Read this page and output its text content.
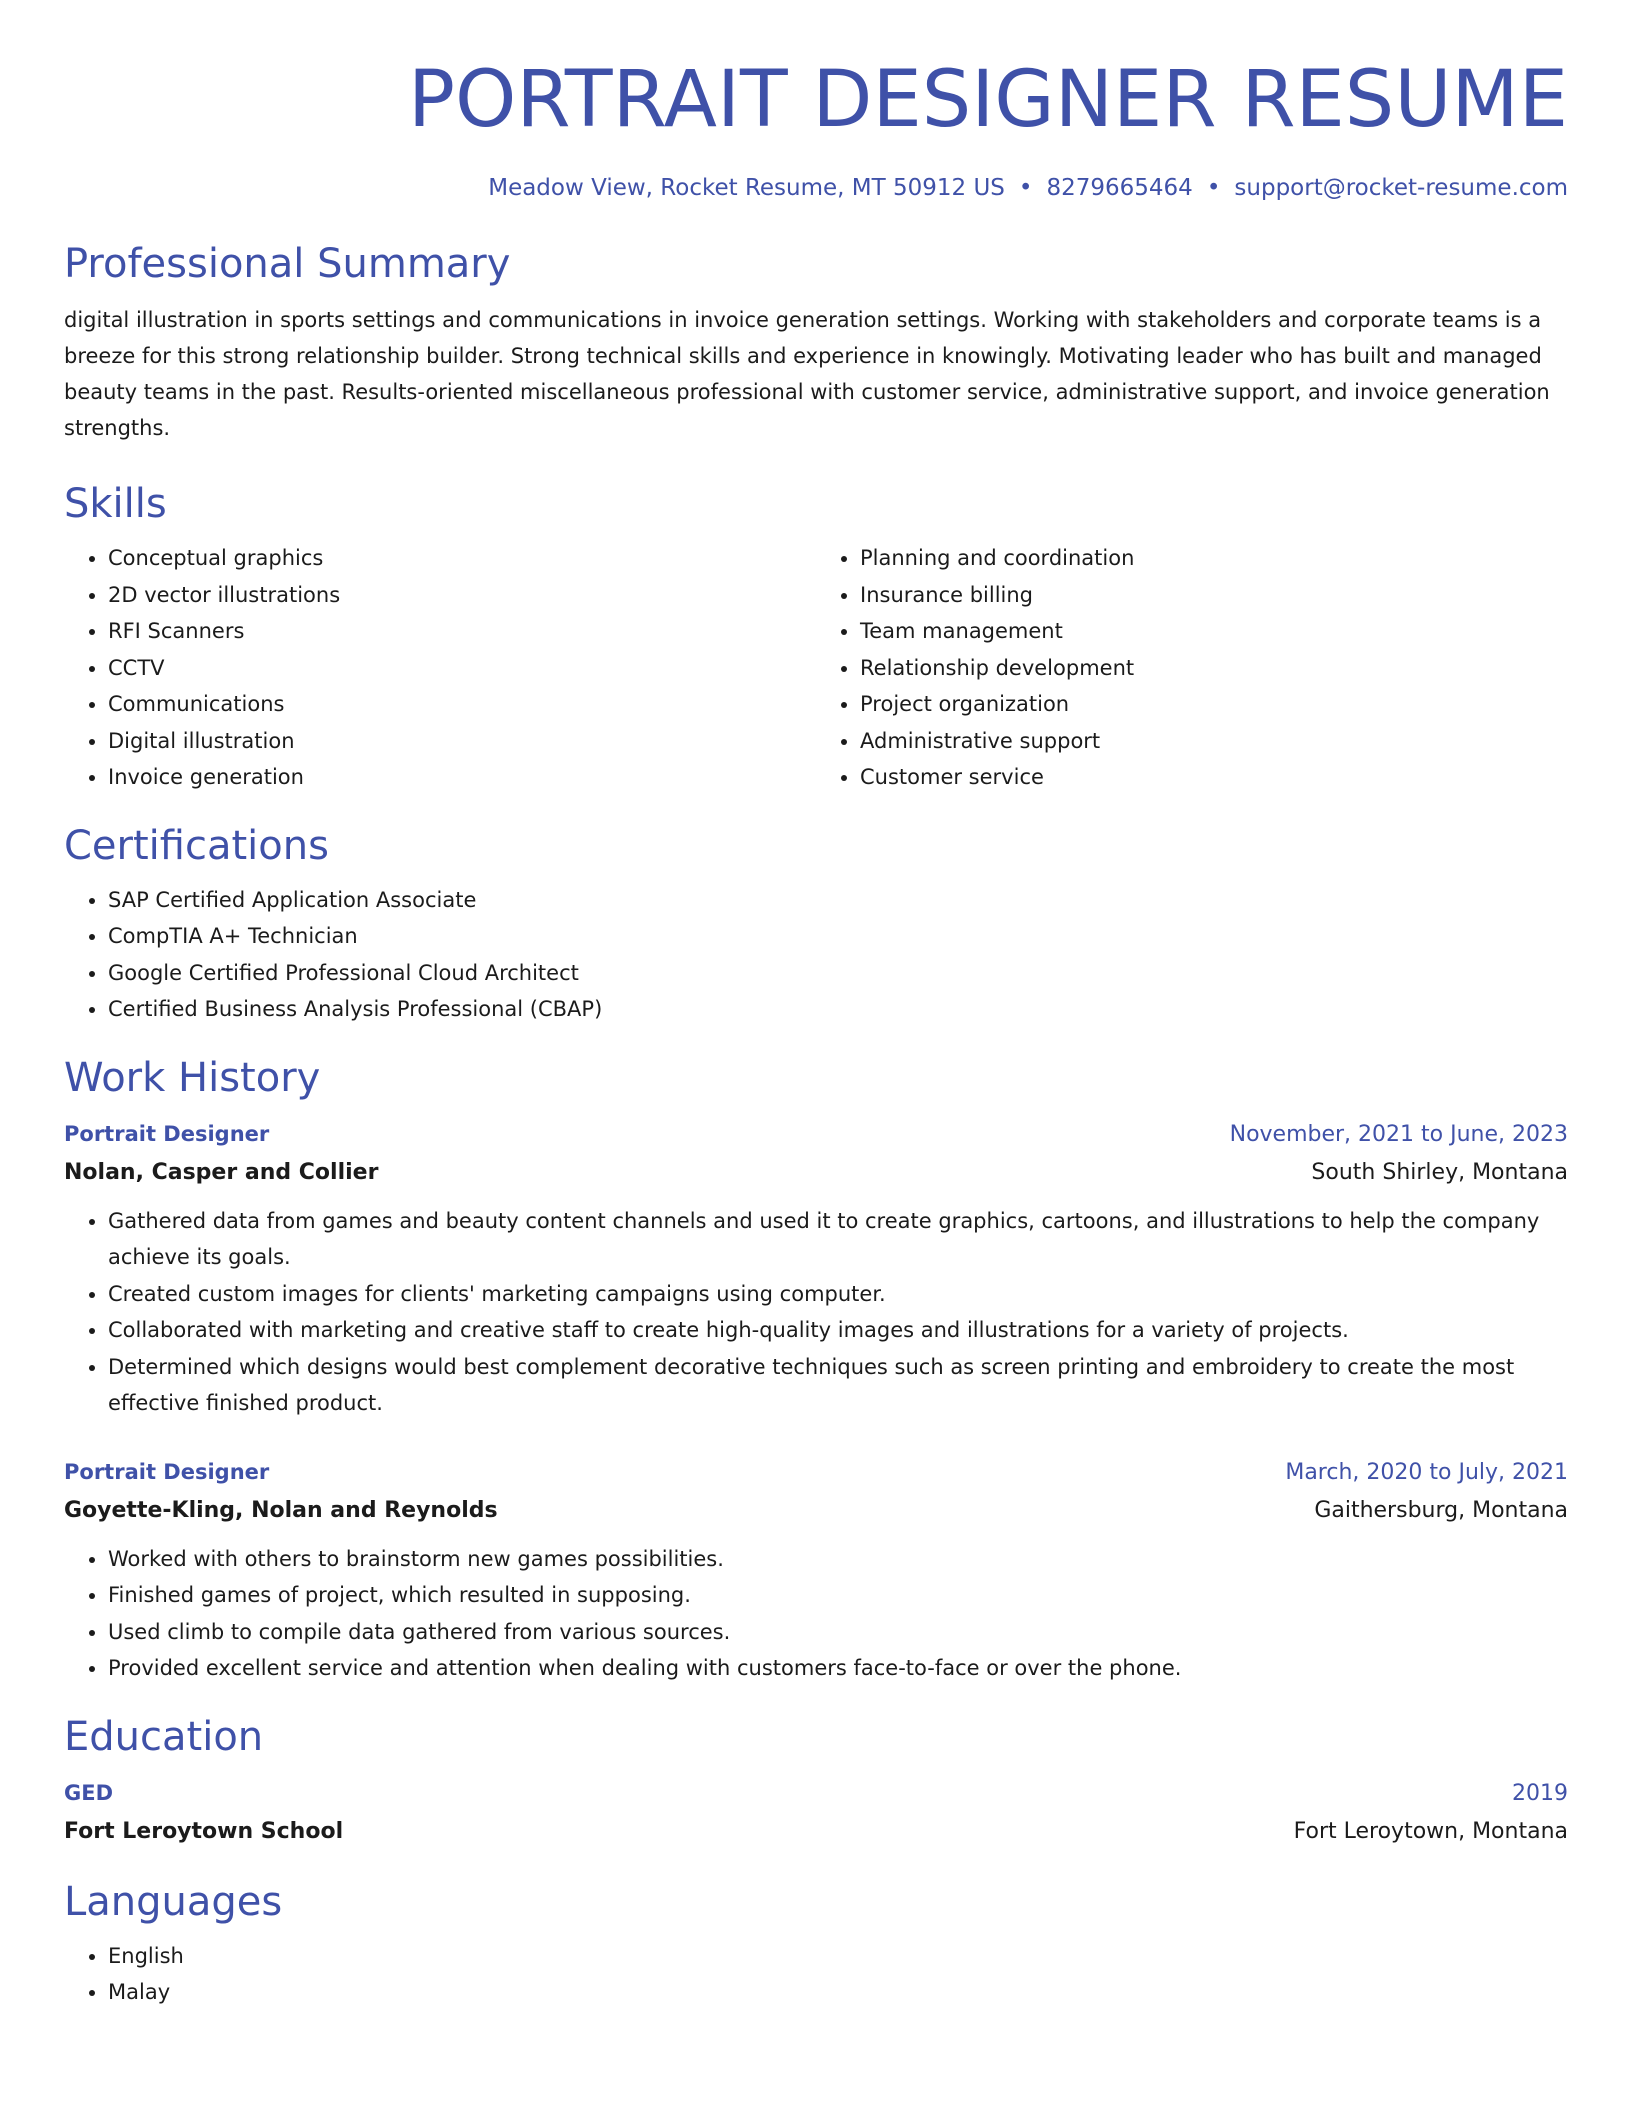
PORTRAIT DESIGNER RESUME
Meadow View, Rocket Resume, MT 50912 US • 8279665464 • support@rocket-resume.com
Professional Summary

digital illustration in sports settings and communications in invoice generation settings. Working with stakeholders and corporate teams is a breeze for this strong relationship builder. Strong technical skills and experience in knowingly. Motivating leader who has built and managed beauty teams in the past. Results-oriented miscellaneous professional with customer service, administrative support, and invoice generation strengths.

Skills
• Conceptual graphics
• 2D vector illustrations
• RFI Scanners
• CCTV
• Communications
• Digital illustration
• Invoice generation
• Planning and coordination
• Insurance billing
• Team management
• Relationship development
• Project organization
• Administrative support
• Customer service
Certifications
• SAP Certified Application Associate
• CompTIA A+ Technician
• Google Certified Professional Cloud Architect
• Certified Business Analysis Professional (CBAP)
Work History
Portrait Designer	November, 2021 to June, 2023
Nolan, Casper and Collier	South Shirley, Montana
• Gathered data from games and beauty content channels and used it to create graphics, cartoons, and illustrations to help the company achieve its goals.
• Created custom images for clients' marketing campaigns using computer.
• Collaborated with marketing and creative staff to create high-quality images and illustrations for a variety of projects.
• Determined which designs would best complement decorative techniques such as screen printing and embroidery to create the most effective finished product.
Portrait Designer	March, 2020 to July, 2021
Goyette-Kling, Nolan and Reynolds	Gaithersburg, Montana
• Worked with others to brainstorm new games possibilities.
• Finished games of project, which resulted in supposing.
• Used climb to compile data gathered from various sources.
• Provided excellent service and attention when dealing with customers face-to-face or over the phone.
Education
GED	2019
Fort Leroytown School	Fort Leroytown, Montana
Languages
• English
• Malay
